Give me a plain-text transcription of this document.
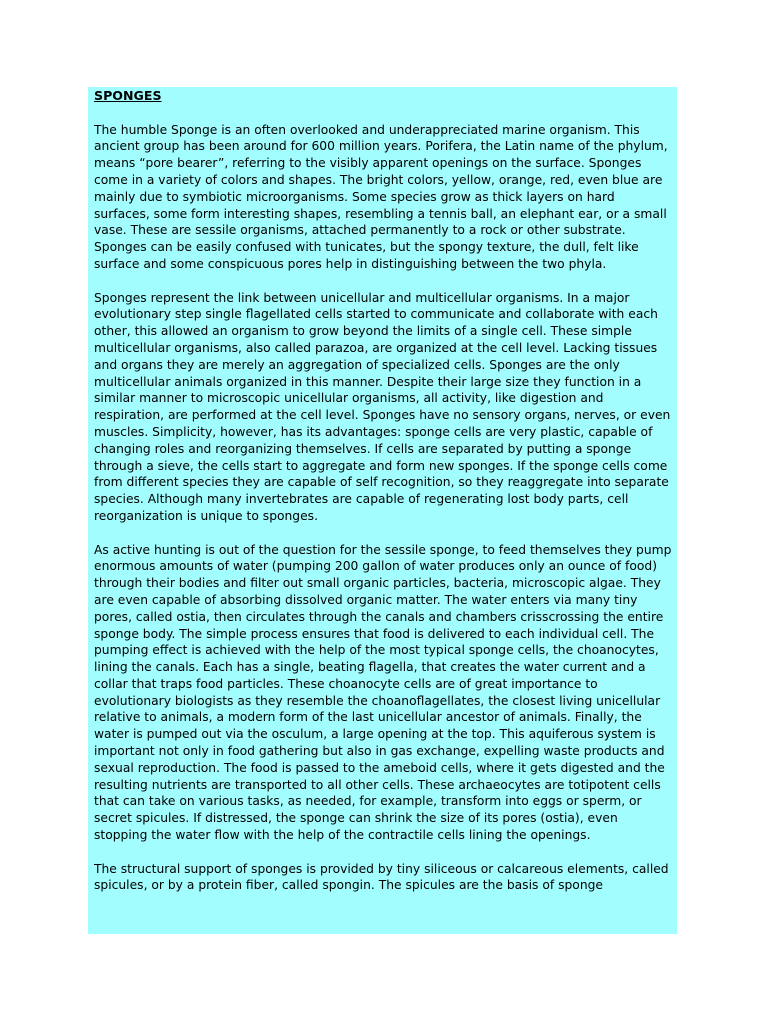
SPONGES

The humble Sponge is an often overlooked and underappreciated marine organism. This ancient group has been around for 600 million years. Porifera, the Latin name of the phylum, means “pore bearer”, referring to the visibly apparent openings on the surface. Sponges come in a variety of colors and shapes. The bright colors, yellow, orange, red, even blue are mainly due to symbiotic microorganisms. Some species grow as thick layers on hard surfaces, some form interesting shapes, resembling a tennis ball, an elephant ear, or a small vase. These are sessile organisms, attached permanently to a rock or other substrate. Sponges can be easily confused with tunicates, but the spongy texture, the dull, felt like surface and some conspicuous pores help in distinguishing between the two phyla.

Sponges represent the link between unicellular and multicellular organisms. In a major evolutionary step single flagellated cells started to communicate and collaborate with each other, this allowed an organism to grow beyond the limits of a single cell. These simple multicellular organisms, also called parazoa, are organized at the cell level. Lacking tissues and organs they are merely an aggregation of specialized cells. Sponges are the only multicellular animals organized in this manner. Despite their large size they function in a similar manner to microscopic unicellular organisms, all activity, like digestion and respiration, are performed at the cell level. Sponges have no sensory organs, nerves, or even muscles. Simplicity, however, has its advantages: sponge cells are very plastic, capable of changing roles and reorganizing themselves. If cells are separated by putting a sponge through a sieve, the cells start to aggregate and form new sponges. If the sponge cells come from different species they are capable of self recognition, so they reaggregate into separate species. Although many invertebrates are capable of regenerating lost body parts, cell reorganization is unique to sponges.

As active hunting is out of the question for the sessile sponge, to feed themselves they pump enormous amounts of water (pumping 200 gallon of water produces only an ounce of food) through their bodies and filter out small organic particles, bacteria, microscopic algae. They are even capable of absorbing dissolved organic matter. The water enters via many tiny pores, called ostia, then circulates through the canals and chambers crisscrossing the entire sponge body. The simple process ensures that food is delivered to each individual cell. The pumping effect is achieved with the help of the most typical sponge cells, the choanocytes, lining the canals. Each has a single, beating flagella, that creates the water current and a collar that traps food particles. These choanocyte cells are of great importance to evolutionary biologists as they resemble the choanoflagellates, the closest living unicellular relative to animals, a modern form of the last unicellular ancestor of animals. Finally, the water is pumped out via the osculum, a large opening at the top. This aquiferous system is important not only in food gathering but also in gas exchange, expelling waste products and sexual reproduction. The food is passed to the ameboid cells, where it gets digested and the resulting nutrients are transported to all other cells. These archaeocytes are totipotent cells that can take on various tasks, as needed, for example, transform into eggs or sperm, or secret spicules. If distressed, the sponge can shrink the size of its pores (ostia), even stopping the water flow with the help of the contractile cells lining the openings.

The structural support of sponges is provided by tiny siliceous or calcareous elements, called spicules, or by a protein fiber, called spongin. The spicules are the basis of sponge
